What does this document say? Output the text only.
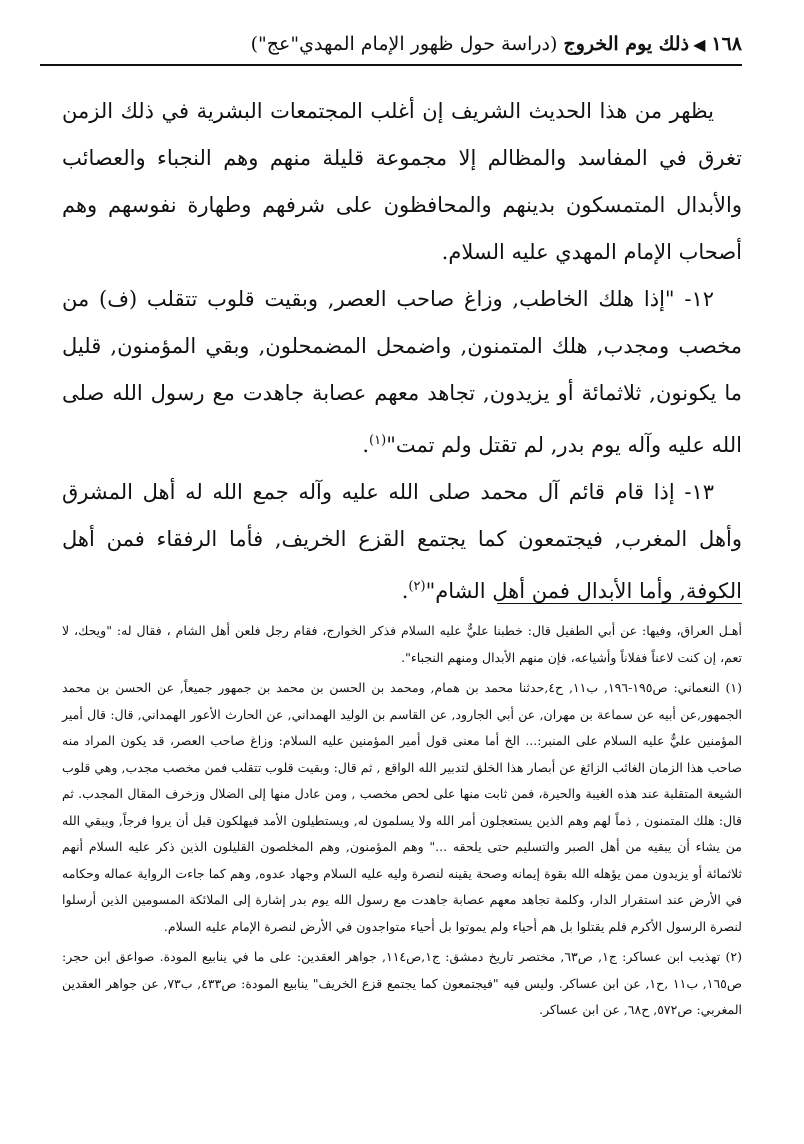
١٦٨
◀
ذلك يوم الخروج
(دراسة حول ظهور الإمام المهدي"عج")

يظهر من هذا الحديث الشريف إن أغلب المجتمعات البشرية في ذلك الزمن تغرق في المفاسد والمظالم إلا مجموعة قليلة منهم وهم النجباء والعصائب والأبدال المتمسكون بدينهم والمحافظون على شرفهم وطهارة نفوسهم وهم أصحاب الإمام المهدي عليه السلام.

١٢- "إذا هلك الخاطب, وزاغ صاحب العصر, وبقيت قلوب تتقلب (ف) من مخصب ومجدب, هلك المتمنون, واضمحل المضمحلون, وبقي المؤمنون, قليل ما يكونون, ثلاثمائة أو يزيدون, تجاهد معهم عصابة جاهدت مع رسول الله صلى الله عليه وآله يوم بدر, لم تقتل ولم تمت"$^{(١)}$.

١٣- إذا قام قائم آل محمد صلى الله عليه وآله جمع الله له أهل المشرق وأهل المغرب, فيجتمعون كما يجتمع القزع الخريف, فأما الرفقاء فمن أهل الكوفة, وأما الأبدال فمن أهل الشام"$^{(٢)}$.

أهـل العراق، وفيها: عن أبي الطفيل قال: خطبنا عليٌّ عليه السلام فذكر الخوارج، فقام رجل فلعن أهل الشام ، فقال له: "ويحك، لا تعم، إن كنت لاعناً ففلاناً وأشياعه، فإن منهم الأبدال ومنهم النجباء".

(١) النعماني: ص١٩٥-١٩٦, ب١١, ح٤,حدثنا محمد بن همام, ومحمد بن الحسن بن محمد بن جمهور جميعاً, عن الحسن بن محمد الجمهور,عن أبيه عن سماعة بن مهران, عن أبي الجارود, عن القاسم بن الوليد الهمداني, عن الحارث الأعور الهمداني, قال: قال أمير المؤمنين عليٌّ عليه السلام على المنبر:... الخ أما معنى قول أمير المؤمنين عليه السلام: وزاغ صاحب العصر، قد يكون المراد منه صاحب هذا الزمان الغائب الزائغ عن أبصار هذا الخلق لتدبير الله الواقع , ثم قال: وبقيت قلوب تتقلب فمن مخصب مجدب, وهي قلوب الشيعة المتقلبة عند هذه الغيبة والحيرة، فمن ثابت منها على لحص مخصب , ومن عادل منها إلى الضلال وزخرف المقال المجدب. ثم قال: هلك المتمنون , ذماً لهم وهم الذين يستعجلون أمر الله ولا يسلمون له, ويستطيلون الأمد فيهلكون قبل أن يروا فرجاً, ويبقي الله من يشاء أن يبقيه من أهل الصبر والتسليم حتى يلحقه ..." وهم المؤمنون, وهم المخلصون القليلون الذين ذكر عليه السلام أنهم ثلاثمائة أو يزيدون ممن يؤهله الله بقوة إيمانه وصحة يقينه لنصرة وليه عليه السلام وجهاد عدوه, وهم كما جاءت الرواية عماله وحكامه في الأرض عند استقرار الدار، وكلمة تجاهد معهم عصابة جاهدت مع رسول الله يوم بدر إشارة إلى الملائكة المسومين الذين أرسلوا لنصرة الرسول الأكرم فلم يقتلوا بل هم أحياء ولم يموتوا بل أحياء متواجدون في الأرض لنصرة الإمام عليه السلام.

(٢) تهذيب ابن عساكر: ج١, ص٦٣, مختصر تاريخ دمشق: ج١,ص١١٤, جواهر العقدين: على ما في ينابيع المودة. صواعق ابن حجر: ص١٦٥, ب١١ ,ح١, عن ابن عساكر. وليس فيه "فيجتمعون كما يجتمع قزع الخريف" ينابيع المودة: ص٤٣٣, ب٧٣, عن جواهر العقدين المغربي: ص٥٧٢, ح٦٨, عن ابن عساكر.
